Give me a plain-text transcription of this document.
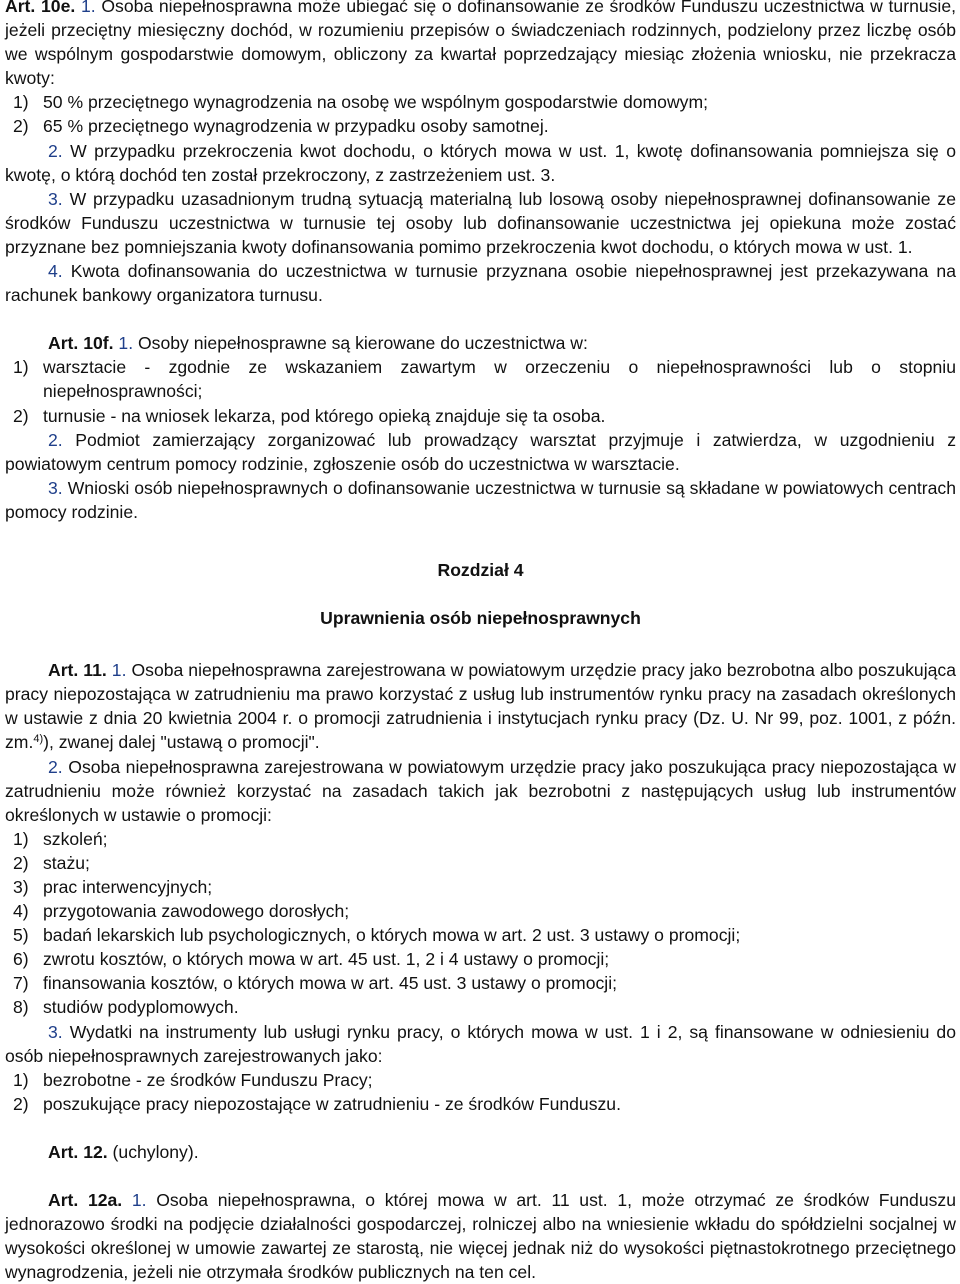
Art. 10e. 1. Osoba niepełnosprawna może ubiegać się o dofinansowanie ze środków Funduszu uczestnictwa w turnusie, jeżeli przeciętny miesięczny dochód, w rozumieniu przepisów o świadczeniach rodzinnych, podzielony przez liczbę osób we wspólnym gospodarstwie domowym, obliczony za kwartał poprzedzający miesiąc złożenia wniosku, nie przekracza kwoty:

1) 50 % przeciętnego wynagrodzenia na osobę we wspólnym gospodarstwie domowym;

2) 65 % przeciętnego wynagrodzenia w przypadku osoby samotnej.

2. W przypadku przekroczenia kwot dochodu, o których mowa w ust. 1, kwotę dofinansowania pomniejsza się o kwotę, o którą dochód ten został przekroczony, z zastrzeżeniem ust. 3.

3. W przypadku uzasadnionym trudną sytuacją materialną lub losową osoby niepełnosprawnej dofinansowanie ze środków Funduszu uczestnictwa w turnusie tej osoby lub dofinansowanie uczestnictwa jej opiekuna może zostać przyznane bez pomniejszania kwoty dofinansowania pomimo przekroczenia kwot dochodu, o których mowa w ust. 1.

4. Kwota dofinansowania do uczestnictwa w turnusie przyznana osobie niepełnosprawnej jest przekazywana na rachunek bankowy organizatora turnusu.

Art. 10f. 1. Osoby niepełnosprawne są kierowane do uczestnictwa w:

1) warsztacie - zgodnie ze wskazaniem zawartym w orzeczeniu o niepełnosprawności lub o stopniu niepełnosprawności;

2) turnusie - na wniosek lekarza, pod którego opieką znajduje się ta osoba.

2. Podmiot zamierzający zorganizować lub prowadzący warsztat przyjmuje i zatwierdza, w uzgodnieniu z powiatowym centrum pomocy rodzinie, zgłoszenie osób do uczestnictwa w warsztacie.

3. Wnioski osób niepełnosprawnych o dofinansowanie uczestnictwa w turnusie są składane w powiatowych centrach pomocy rodzinie.

Rozdział 4

Uprawnienia osób niepełnosprawnych

Art. 11. 1. Osoba niepełnosprawna zarejestrowana w powiatowym urzędzie pracy jako bezrobotna albo poszukująca pracy niepozostająca w zatrudnieniu ma prawo korzystać z usług lub instrumentów rynku pracy na zasadach określonych w ustawie z dnia 20 kwietnia 2004 r. o promocji zatrudnienia i instytucjach rynku pracy (Dz. U. Nr 99, poz. 1001, z późn. zm.$^{4)}$), zwanej dalej "ustawą o promocji".

2. Osoba niepełnosprawna zarejestrowana w powiatowym urzędzie pracy jako poszukująca pracy niepozostająca w zatrudnieniu może również korzystać na zasadach takich jak bezrobotni z następujących usług lub instrumentów określonych w ustawie o promocji:

1) szkoleń;

2) stażu;

3) prac interwencyjnych;

4) przygotowania zawodowego dorosłych;

5) badań lekarskich lub psychologicznych, o których mowa w art. 2 ust. 3 ustawy o promocji;

6) zwrotu kosztów, o których mowa w art. 45 ust. 1, 2 i 4 ustawy o promocji;

7) finansowania kosztów, o których mowa w art. 45 ust. 3 ustawy o promocji;

8) studiów podyplomowych.

3. Wydatki na instrumenty lub usługi rynku pracy, o których mowa w ust. 1 i 2, są finansowane w odniesieniu do osób niepełnosprawnych zarejestrowanych jako:

1) bezrobotne - ze środków Funduszu Pracy;

2) poszukujące pracy niepozostające w zatrudnieniu - ze środków Funduszu.

Art. 12. (uchylony).

Art. 12a. 1. Osoba niepełnosprawna, o której mowa w art. 11 ust. 1, może otrzymać ze środków Funduszu jednorazowo środki na podjęcie działalności gospodarczej, rolniczej albo na wniesienie wkładu do spółdzielni socjalnej w wysokości określonej w umowie zawartej ze starostą, nie więcej jednak niż do wysokości piętnastokrotnego przeciętnego wynagrodzenia, jeżeli nie otrzymała środków publicznych na ten cel.
